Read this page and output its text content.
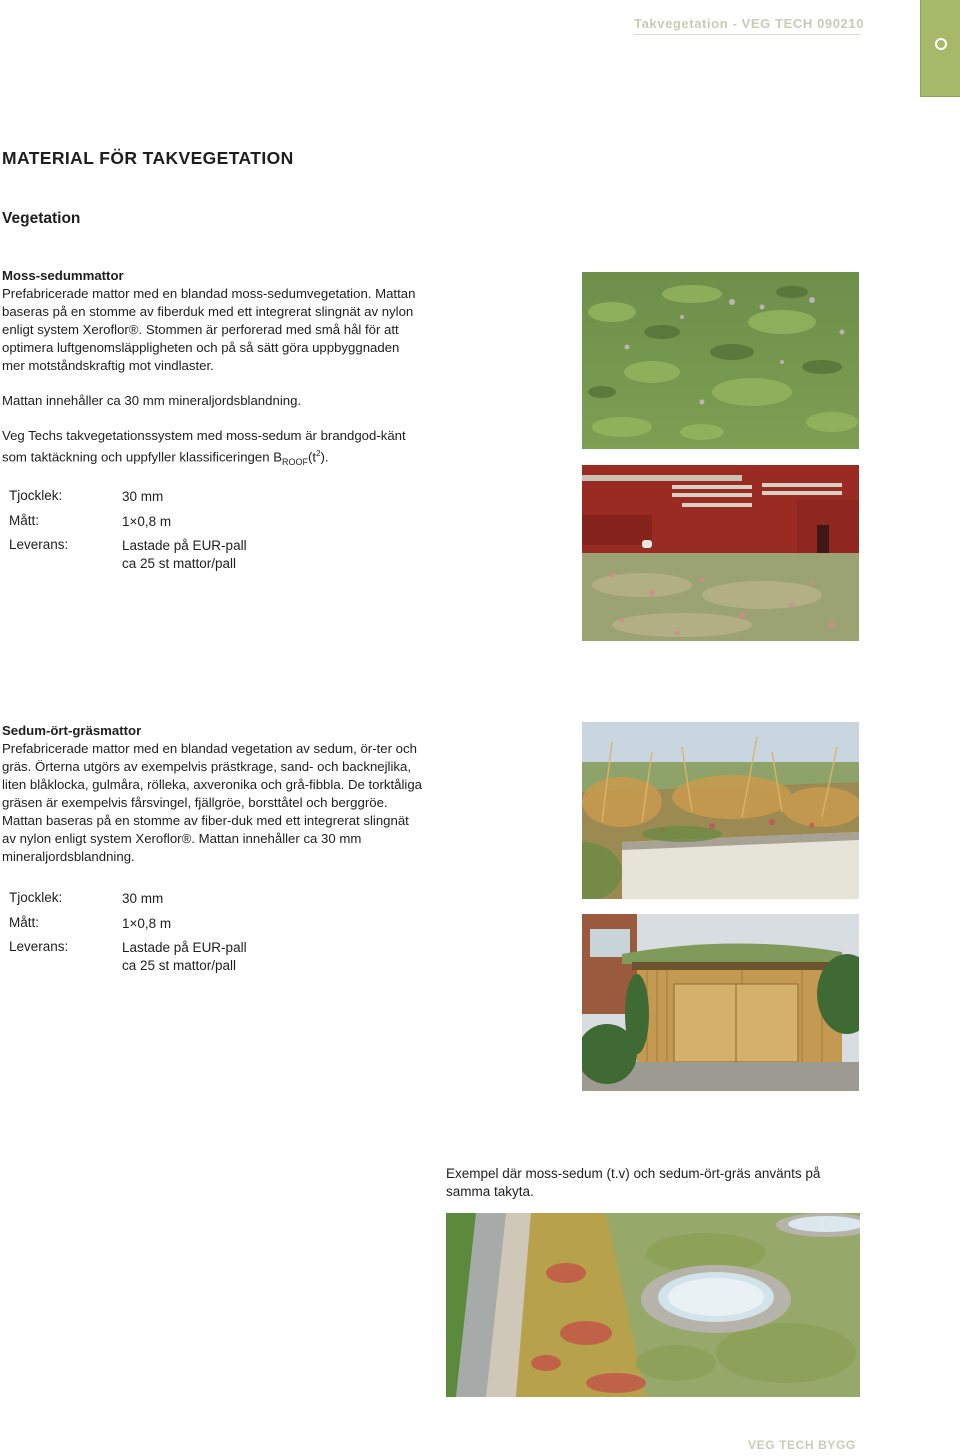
Takvegetation - VEG TECH 090210
MATERIAL FÖR TAKVEGETATION
Vegetation

Moss-sedummattor

Prefabricerade mattor med en blandad moss-sedumvegetation. Mattan baseras på en stomme av fiberduk med ett integrerat slingnät av nylon enligt system Xeroflor®. Stommen är perforerad med små hål för att optimera luftgenomsläppligheten och på så sätt göra uppbyggnaden mer motståndskraftig mot vindlaster.

Mattan innehåller ca 30 mm mineraljordsblandning.

Veg Techs takvegetationssystem med moss-sedum är brandgod-känt som taktäckning och uppfyller klassificeringen $B_{ROOF}(t^2)$.

Tjocklek:	30 mm
Mått:	1×0,8 m
Leverans:	Lastade på EUR-pall
ca 25 st mattor/pall

Sedum-ört-gräsmattor

Prefabricerade mattor med en blandad vegetation av sedum, ör-ter och gräs. Örterna utgörs av exempelvis prästkrage, sand- och backnejlika, liten blåklocka, gulmåra, rölleka, axveronika och grå-fibbla. De torktåliga gräsen är exempelvis fårsvingel, fjällgröe, borsttåtel och berggröe. Mattan baseras på en stomme av fiber-duk med ett integrerat slingnät av nylon enligt system Xeroflor®. Mattan innehåller ca 30 mm mineraljordsblandning.

Tjocklek:	30 mm
Mått:	1×0,8 m
Leverans:	Lastade på EUR-pall
ca 25 st mattor/pall
Exempel där moss-sedum (t.v) och sedum-ört-gräs använts på samma takyta.
VEG TECH BYGG
